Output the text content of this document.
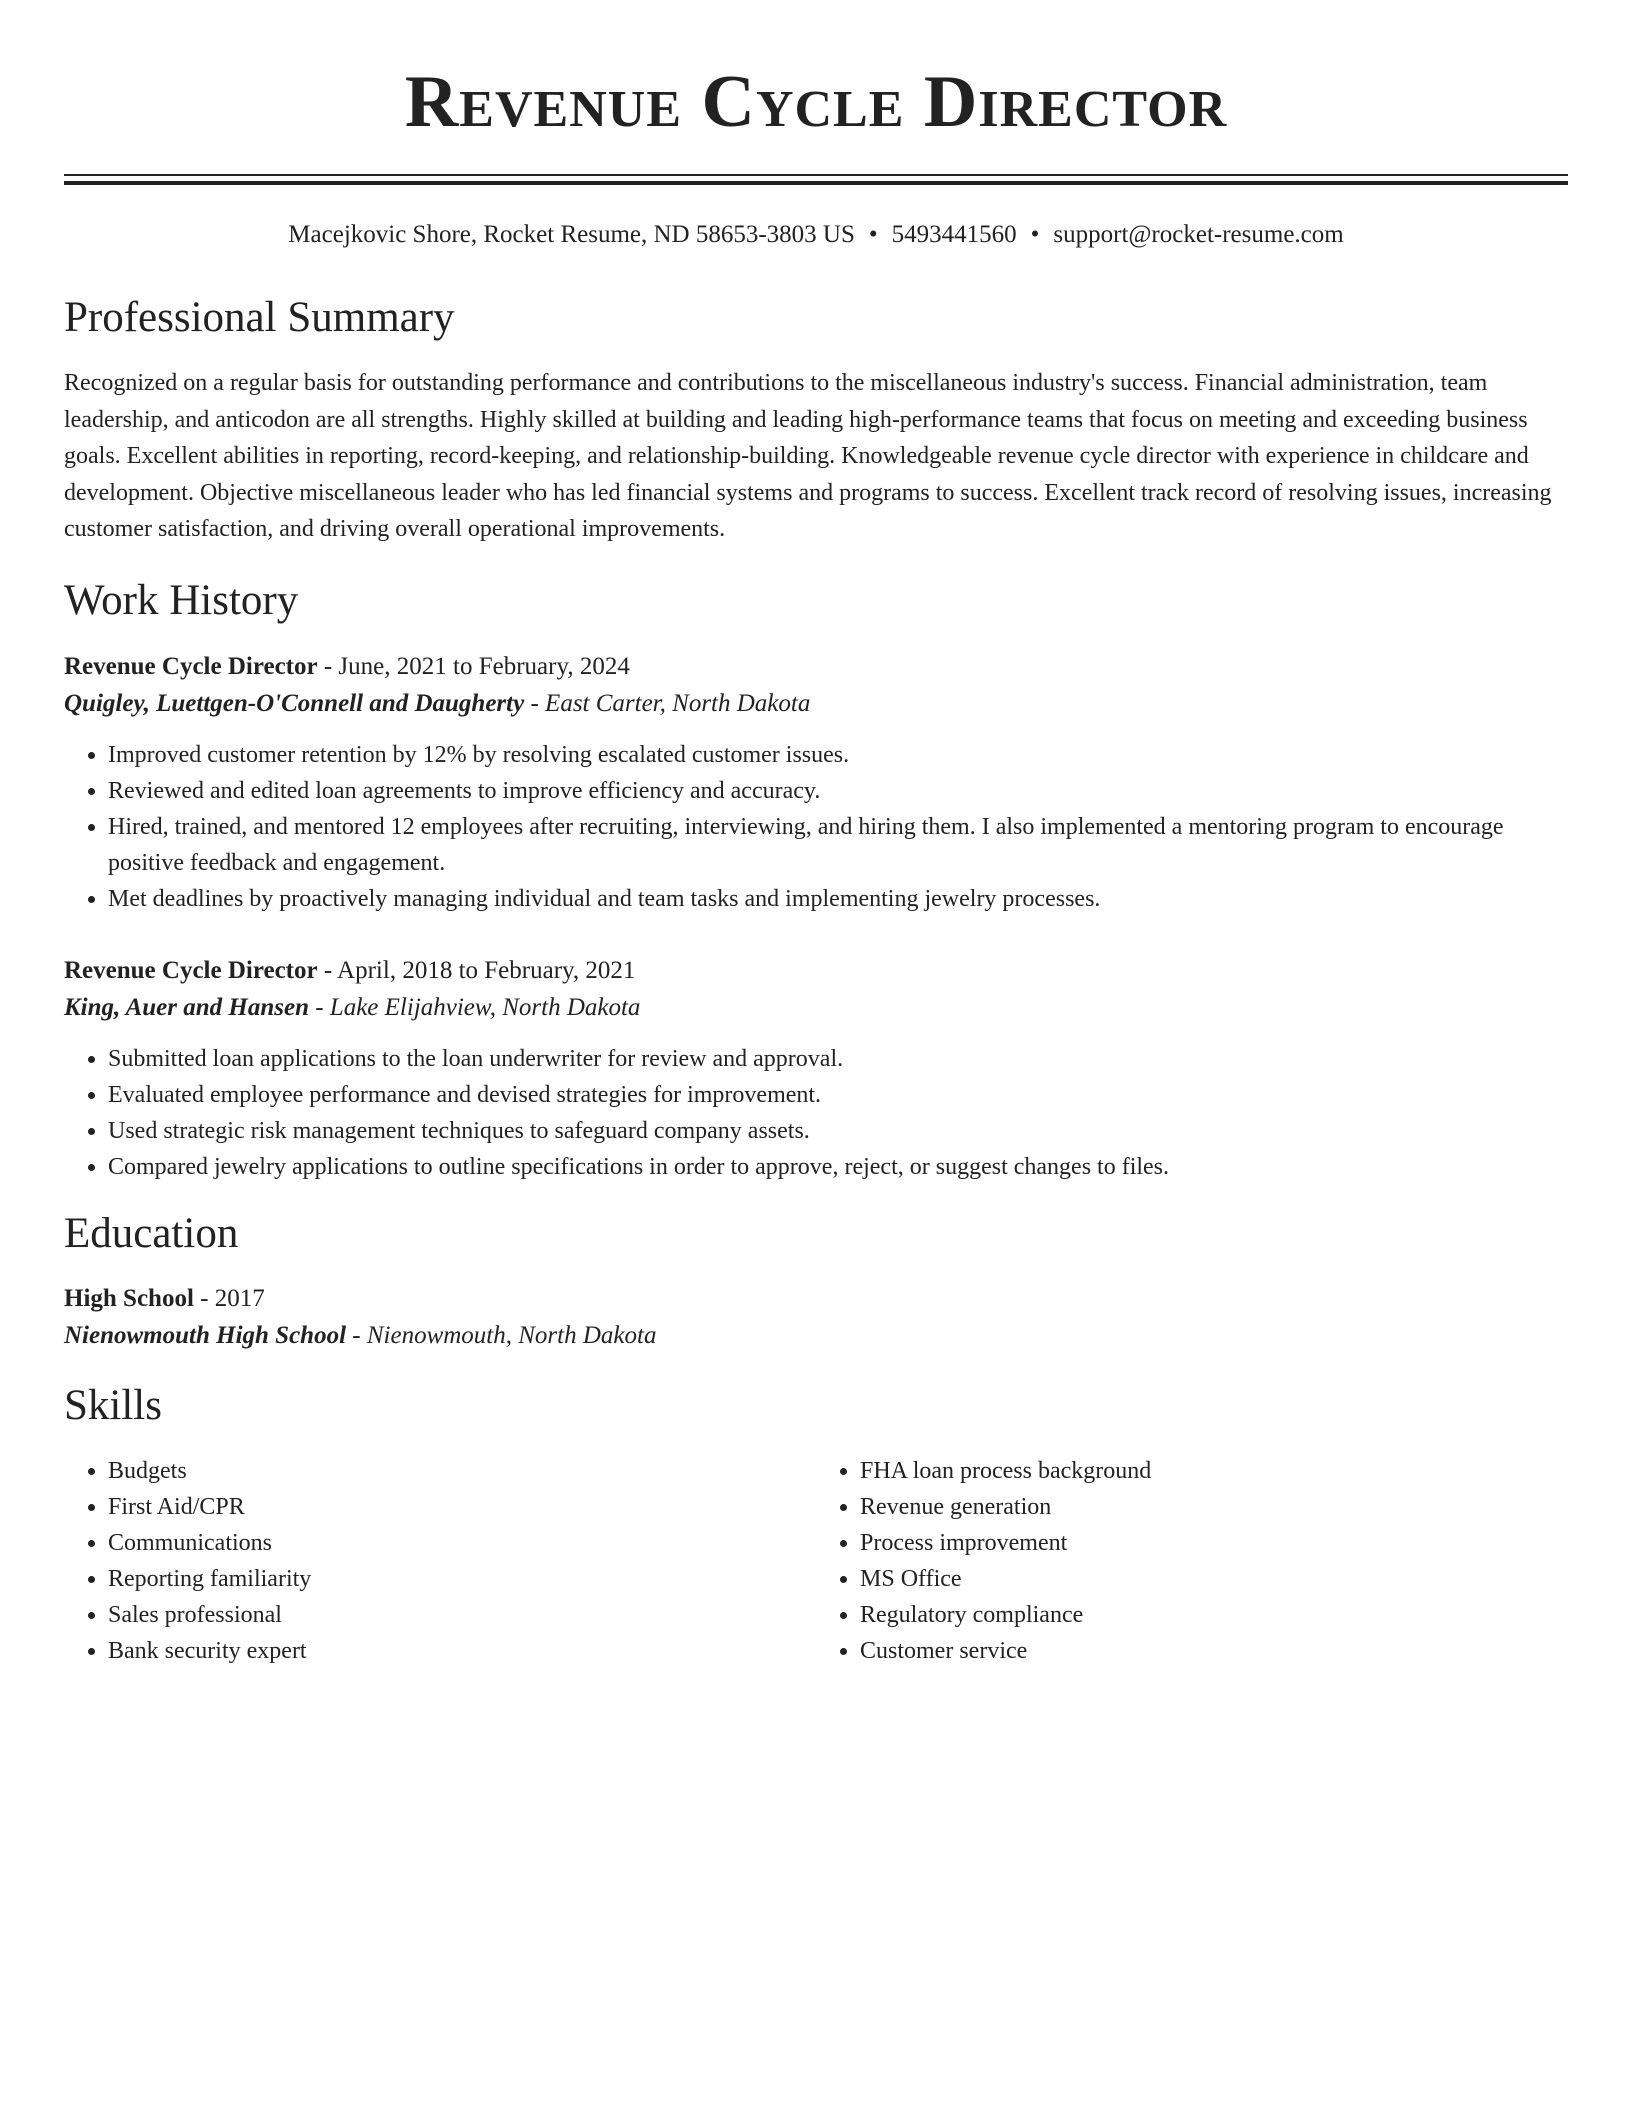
Revenue Cycle Director
Macejkovic Shore, Rocket Resume, ND 58653-3803 US • 5493441560 • support@rocket-resume.com
Professional Summary
Recognized on a regular basis for outstanding performance and contributions to the miscellaneous industry's success. Financial administration, team leadership, and anticodon are all strengths. Highly skilled at building and leading high-performance teams that focus on meeting and exceeding business goals. Excellent abilities in reporting, record-keeping, and relationship-building. Knowledgeable revenue cycle director with experience in childcare and development. Objective miscellaneous leader who has led financial systems and programs to success. Excellent track record of resolving issues, increasing customer satisfaction, and driving overall operational improvements.
Work History
Revenue Cycle Director - June, 2021 to February, 2024
Quigley, Luettgen-O'Connell and Daugherty - East Carter, North Dakota
• Improved customer retention by 12% by resolving escalated customer issues.
• Reviewed and edited loan agreements to improve efficiency and accuracy.
• Hired, trained, and mentored 12 employees after recruiting, interviewing, and hiring them. I also implemented a mentoring program to encourage positive feedback and engagement.
• Met deadlines by proactively managing individual and team tasks and implementing jewelry processes.
Revenue Cycle Director - April, 2018 to February, 2021
King, Auer and Hansen - Lake Elijahview, North Dakota
• Submitted loan applications to the loan underwriter for review and approval.
• Evaluated employee performance and devised strategies for improvement.
• Used strategic risk management techniques to safeguard company assets.
• Compared jewelry applications to outline specifications in order to approve, reject, or suggest changes to files.
Education
High School - 2017
Nienowmouth High School - Nienowmouth, North Dakota
Skills
• Budgets
• First Aid/CPR
• Communications
• Reporting familiarity
• Sales professional
• Bank security expert
• FHA loan process background
• Revenue generation
• Process improvement
• MS Office
• Regulatory compliance
• Customer service
